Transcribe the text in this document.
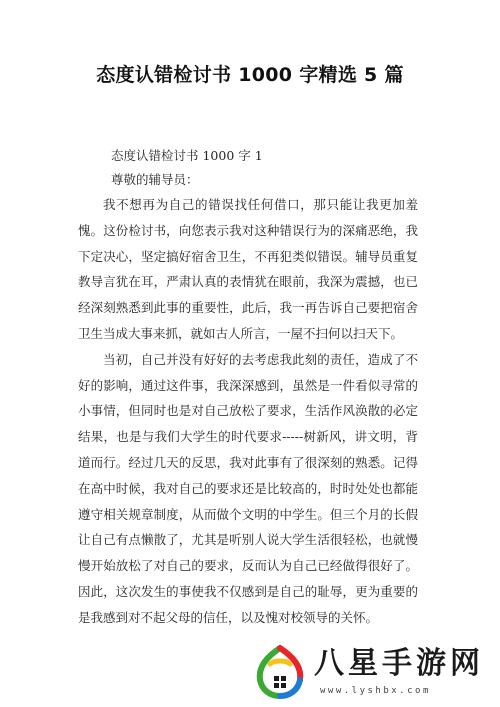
态度认错检讨书 1000 字精选 5 篇
态度认错检讨书 1000 字 1
尊敬的辅导员：

我不想再为自己的错误找任何借口，那只能让我更加羞愧。这份检讨书，向您表示我对这种错误行为的深痛恶绝，我下定决心，坚定搞好宿舍卫生，不再犯类似错误。辅导员重复教导言犹在耳，严肃认真的表情犹在眼前，我深为震撼，也已经深刻熟悉到此事的重要性，此后，我一再告诉自己要把宿舍卫生当成大事来抓，就如古人所言，一屋不扫何以扫天下。

当初，自己并没有好好的去考虑我此刻的责任，造成了不好的影响，通过这件事，我深深感到，虽然是一件看似寻常的小事情，但同时也是对自己放松了要求，生活作风涣散的必定结果，也是与我们大学生的时代要求-----树新风，讲文明，背道而行。经过几天的反思，我对此事有了很深刻的熟悉。记得在高中时候，我对自己的要求还是比较高的，时时处处也都能遵守相关规章制度，从而做个文明的中学生。但三个月的长假让自己有点懒散了，尤其是听别人说大学生活很轻松，也就慢慢开始放松了对自己的要求，反而认为自己已经做得很好了。因此，这次发生的事使我不仅感到是自己的耻辱，更为重要的是我感到对不起父母的信任，以及愧对校领导的关怀。

八星手游网
www.lyshbx.com
